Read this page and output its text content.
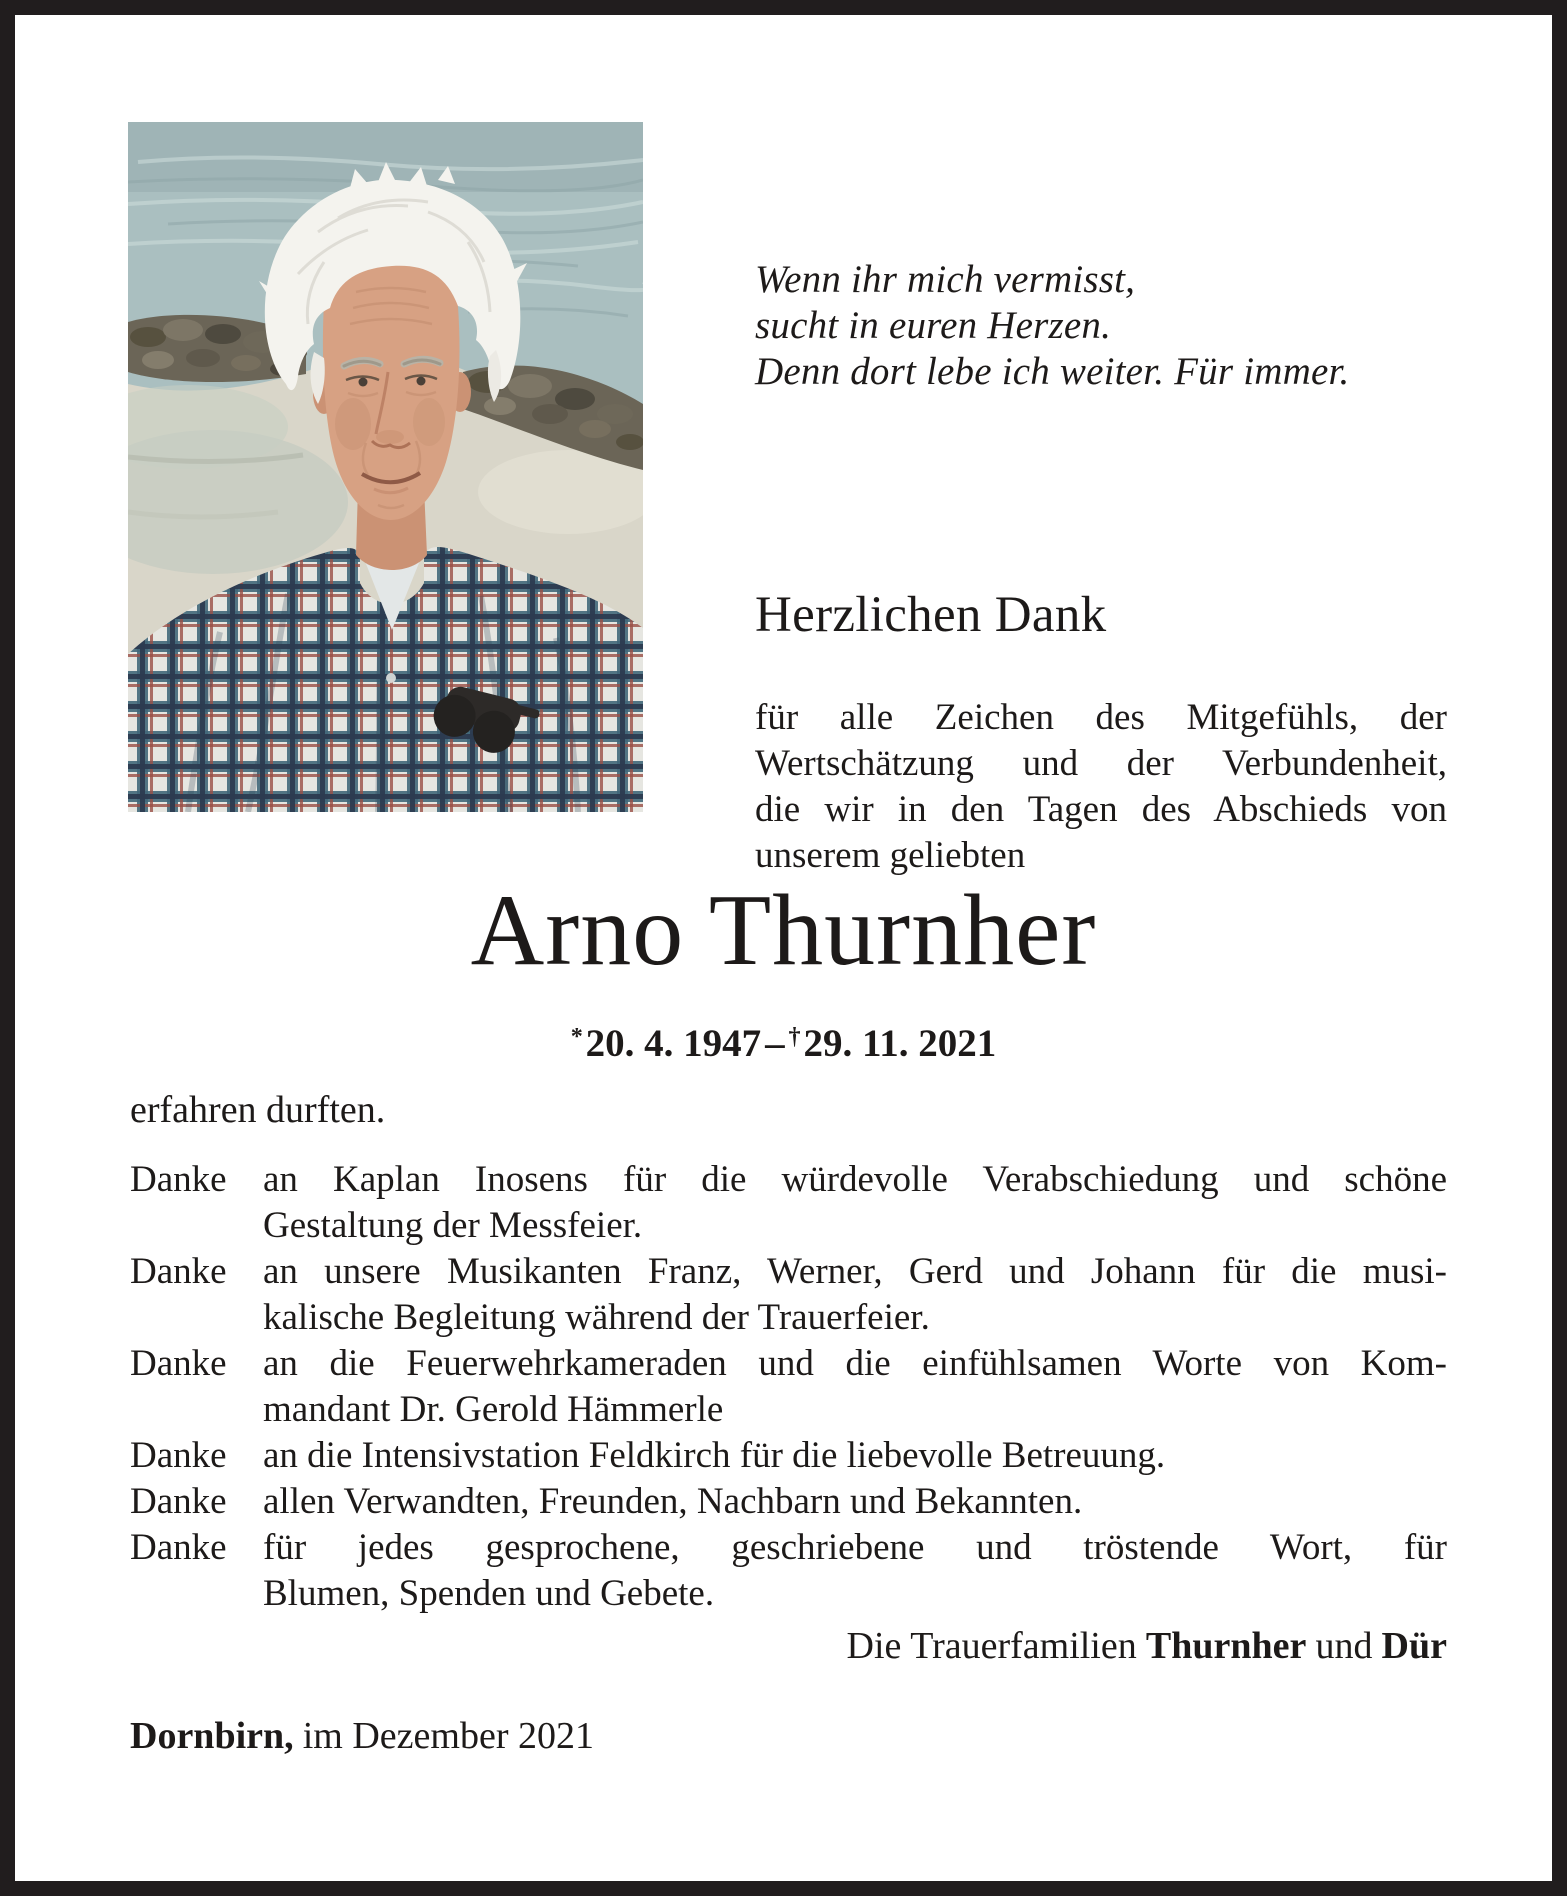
Wenn ihr mich vermisst,
sucht in euren Herzen.
Denn dort lebe ich weiter. Für immer.
Herzlichen Dank
für alle Zeichen des Mitgefühls, der
Wertschätzung und der Verbundenheit,
die wir in den Tagen des Abschieds von
unserem geliebten
Arno Thurnher
*20. 4. 1947– †29. 11. 2021
erfahren durften.
Danke an Kaplan Inosens für die würdevolle Verabschiedung und schöne
Gestaltung der Messfeier.
Danke an unsere Musikanten Franz, Werner, Gerd und Johann für die musi-
kalische Begleitung während der Trauerfeier.
Danke an die Feuerwehrkameraden und die einfühlsamen Worte von Kom-
mandant Dr. Gerold Hämmerle
Danke an die Intensivstation Feldkirch für die liebevolle Betreuung.
Danke allen Verwandten, Freunden, Nachbarn und Bekannten.
Danke für jedes gesprochene, geschriebene und tröstende Wort, für
Blumen, Spenden und Gebete.
Die Trauerfamilien Thurnher und Dür
Dornbirn, im Dezember 2021
